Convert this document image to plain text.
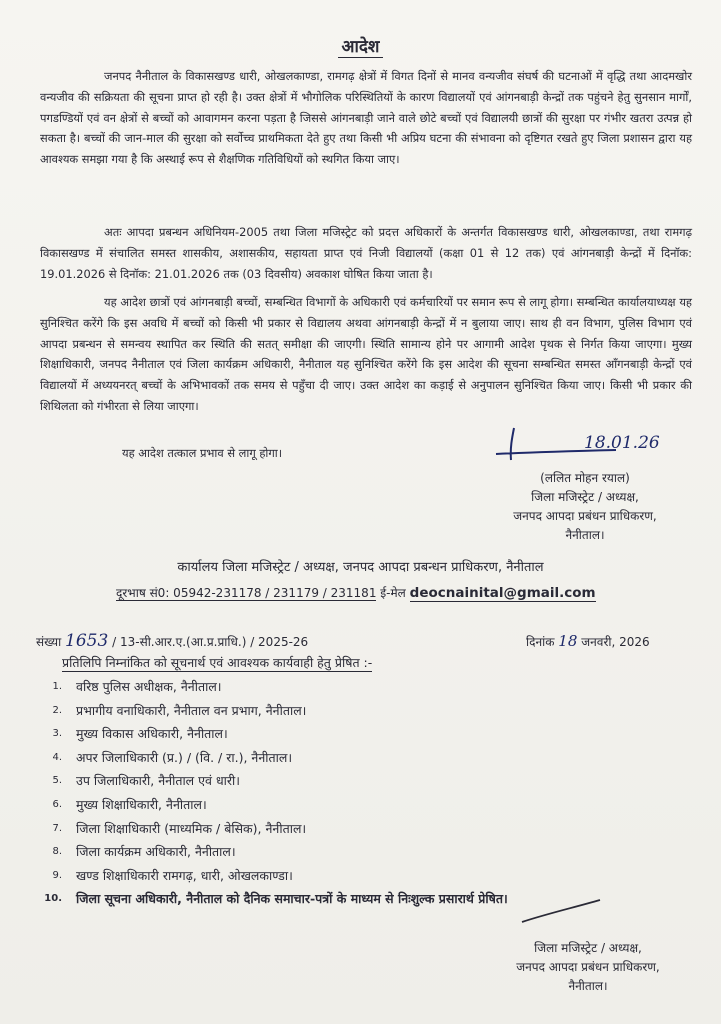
आदेश
जनपद नैनीताल के विकासखण्ड धारी, ओखलकाण्डा, रामगढ़ क्षेत्रों में विगत दिनों से मानव वन्यजीव संघर्ष की घटनाओं में वृद्धि तथा आदमखोर वन्यजीव की सक्रियता की सूचना प्राप्त हो रही है। उक्त क्षेत्रों में भौगोलिक परिस्थितियों के कारण विद्यालयों एवं आंगनबाड़ी केन्द्रों तक पहुंचने हेतु सुनसान मार्गों, पगडण्डियों एवं वन क्षेत्रों से बच्चों को आवागमन करना पड़ता है जिससे आंगनबाड़ी जाने वाले छोटे बच्चों एवं विद्यालयी छात्रों की सुरक्षा पर गंभीर खतरा उत्पन्न हो सकता है। बच्चों की जान-माल की सुरक्षा को सर्वोच्च प्राथमिकता देते हुए तथा किसी भी अप्रिय घटना की संभावना को दृष्टिगत रखते हुए जिला प्रशासन द्वारा यह आवश्यक समझा गया है कि अस्थाई रूप से शैक्षणिक गतिविधियों को स्थगित किया जाए।
अतः आपदा प्रबन्धन अधिनियम-2005 तथा जिला मजिस्ट्रेट को प्रदत्त अधिकारों के अन्तर्गत विकासखण्ड धारी, ओखलकाण्डा, तथा रामगढ़ विकासखण्ड में संचालित समस्त शासकीय, अशासकीय, सहायता प्राप्त एवं निजी विद्यालयों (कक्षा 01 से 12 तक) एवं आंगनबाड़ी केन्द्रों में दिनॉक: 19.01.2026 से दिनॉक: 21.01.2026 तक (03 दिवसीय) अवकाश घोषित किया जाता है।
यह आदेश छात्रों एवं आंगनबाड़ी बच्चों, सम्बन्धित विभागों के अधिकारी एवं कर्मचारियों पर समान रूप से लागू होगा। सम्बन्धित कार्यालयाध्यक्ष यह सुनिश्चित करेंगे कि इस अवधि में बच्चों को किसी भी प्रकार से विद्यालय अथवा आंगनबाड़ी केन्द्रों में न बुलाया जाए। साथ ही वन विभाग, पुलिस विभाग एवं आपदा प्रबन्धन से समन्वय स्थापित कर स्थिति की सतत् समीक्षा की जाएगी। स्थिति सामान्य होने पर आगामी आदेश पृथक से निर्गत किया जाएगा। मुख्य शिक्षाधिकारी, जनपद नैनीताल एवं जिला कार्यक्रम अधिकारी, नैनीताल यह सुनिश्चित करेंगे कि इस आदेश की सूचना सम्बन्धित समस्त आँगनबाड़ी केन्द्रों एवं विद्यालयों में अध्ययनरत् बच्चों के अभिभावकों तक समय से पहुँचा दी जाए। उक्त आदेश का कड़ाई से अनुपालन सुनिश्चित किया जाए। किसी भी प्रकार की शिथिलता को गंभीरता से लिया जाएगा।
यह आदेश तत्काल प्रभाव से लागू होगा।	18.01.26
(ललित मोहन रयाल)
जिला मजिस्ट्रेट / अध्यक्ष,
जनपद आपदा प्रबंधन प्राधिकरण,
नैनीताल।
कार्यालय जिला मजिस्ट्रेट / अध्यक्ष, जनपद आपदा प्रबन्धन प्राधिकरण, नैनीताल
दूरभाष सं0: 05942-231178 / 231179 / 231181 ई-मेल deocnainital@gmail.com
संख्या 1653 / 13-सी.आर.ए.(आ.प्र.प्राधि.) / 2025-26	दिनांक 18 जनवरी, 2026
प्रतिलिपि निम्नांकित को सूचनार्थ एवं आवश्यक कार्यवाही हेतु प्रेषित :-
1.	वरिष्ठ पुलिस अधीक्षक, नैनीताल।
2.	प्रभागीय वनाधिकारी, नैनीताल वन प्रभाग, नैनीताल।
3.	मुख्य विकास अधिकारी, नैनीताल।
4.	अपर जिलाधिकारी (प्र.) / (वि. / रा.), नैनीताल।
5.	उप जिलाधिकारी, नैनीताल एवं धारी।
6.	मुख्य शिक्षाधिकारी, नैनीताल।
7.	जिला शिक्षाधिकारी (माध्यमिक / बेसिक), नैनीताल।
8.	जिला कार्यक्रम अधिकारी, नैनीताल।
9.	खण्ड शिक्षाधिकारी रामगढ़, धारी, ओखलकाण्डा।
10.	जिला सूचना अधिकारी, नैनीताल को दैनिक समाचार-पत्रों के माध्यम से निःशुल्क प्रसारार्थ प्रेषित।
जिला मजिस्ट्रेट / अध्यक्ष,
जनपद आपदा प्रबंधन प्राधिकरण,
नैनीताल।
